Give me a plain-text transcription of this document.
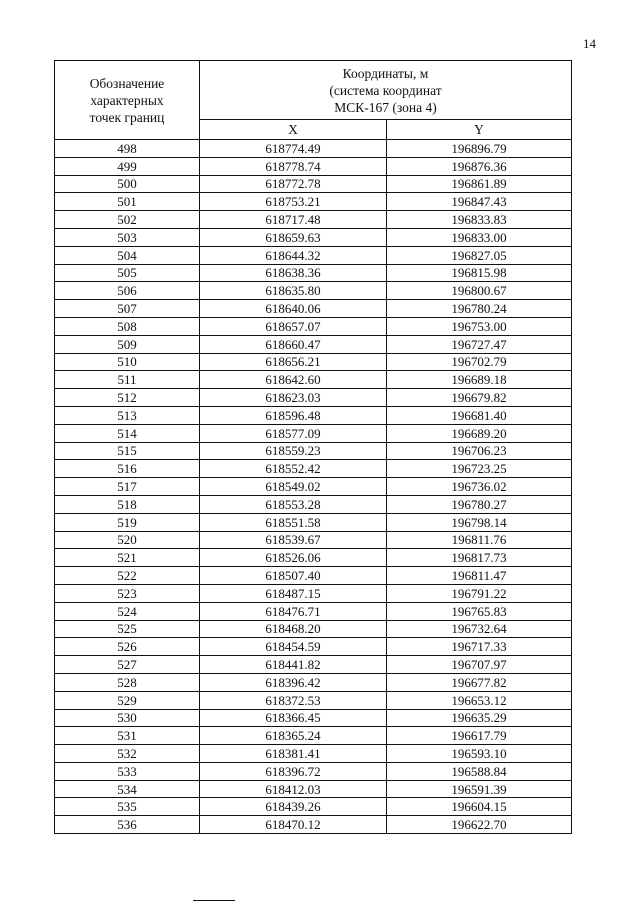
14
Обозначение
характерных
точек границ	Координаты, м
(система координат
МСК-167 (зона 4)	
	X	Y
498	618774.49	196896.79
499	618778.74	196876.36
500	618772.78	196861.89
501	618753.21	196847.43
502	618717.48	196833.83
503	618659.63	196833.00
504	618644.32	196827.05
505	618638.36	196815.98
506	618635.80	196800.67
507	618640.06	196780.24
508	618657.07	196753.00
509	618660.47	196727.47
510	618656.21	196702.79
511	618642.60	196689.18
512	618623.03	196679.82
513	618596.48	196681.40
514	618577.09	196689.20
515	618559.23	196706.23
516	618552.42	196723.25
517	618549.02	196736.02
518	618553.28	196780.27
519	618551.58	196798.14
520	618539.67	196811.76
521	618526.06	196817.73
522	618507.40	196811.47
523	618487.15	196791.22
524	618476.71	196765.83
525	618468.20	196732.64
526	618454.59	196717.33
527	618441.82	196707.97
528	618396.42	196677.82
529	618372.53	196653.12
530	618366.45	196635.29
531	618365.24	196617.79
532	618381.41	196593.10
533	618396.72	196588.84
534	618412.03	196591.39
535	618439.26	196604.15
536	618470.12	196622.70
